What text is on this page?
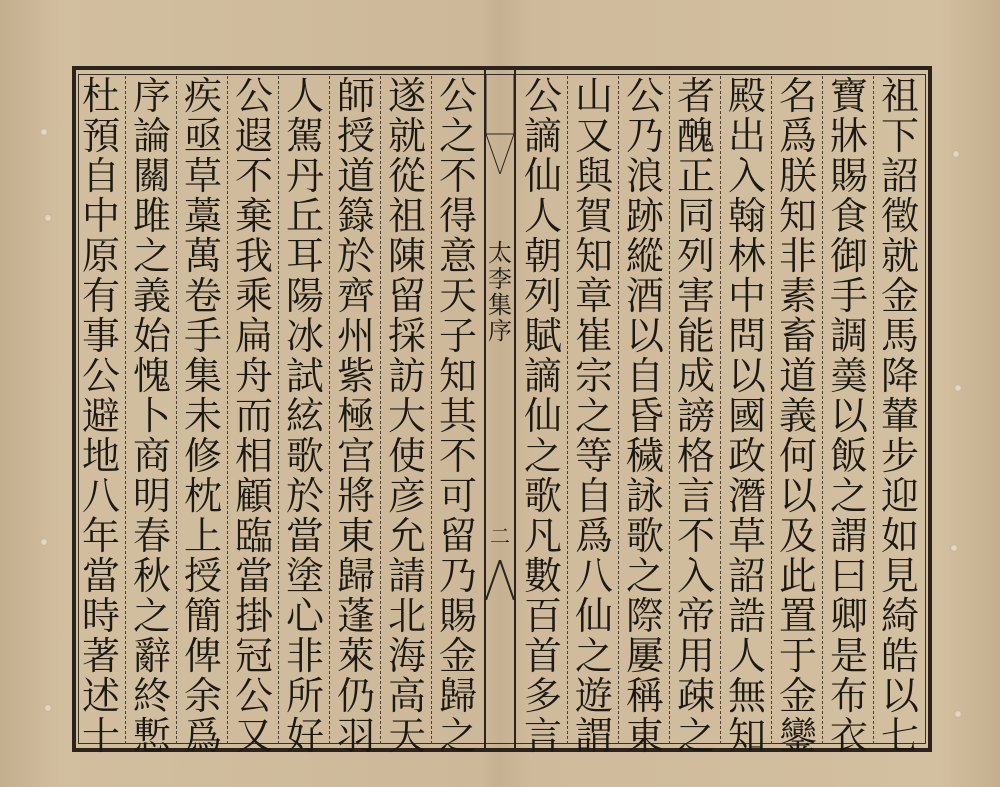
太李集序
二
祖下詔徵就金馬降輦步迎如見綺皓以七
寶牀賜食御手調羮以飯之謂曰卿是布衣
名爲朕知非素畜道義何以及此置于金鑾
殿出入翰林中問以國政潛草詔誥人無知
者醜正同列害能成謗格言不入帝用疎之
公乃浪跡縱酒以自昏穢詠歌之際屢稱東
山又與賀知章崔宗之等自爲八仙之遊謂
公謫仙人朝列賦謫仙之歌凡數百首多言
公之不得意天子知其不可留乃賜金歸之
遂就從祖陳留採訪大使彦允請北海高天
師授道籙於齊州紫極宫將東歸蓬萊仍羽
人駕丹丘耳陽冰試絃歌於當塗心非所好
公遐不棄我乘扁舟而相顧臨當掛冠公又
疾亟草藁萬卷手集未修枕上授簡俾余爲
序論關雎之義始愧卜商明春秋之辭終慙
杜預自中原有事公避地八年當時著述十
